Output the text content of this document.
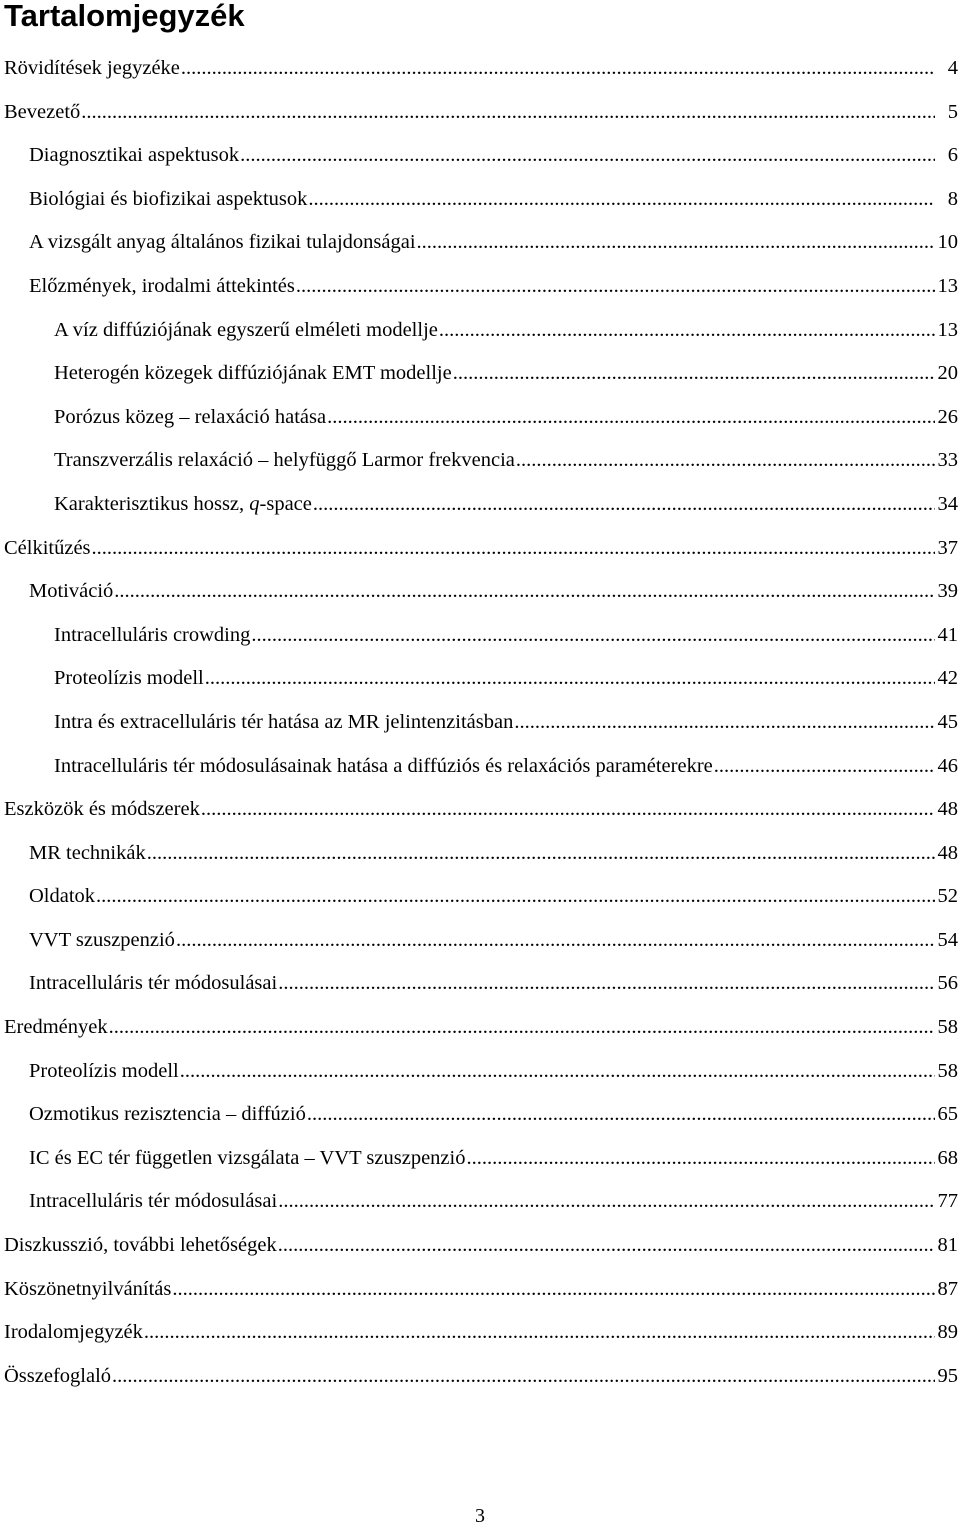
Tartalomjegyzék
Rövidítések jegyzéke .....	4
Bevezető .....	5
Diagnosztikai aspektusok .....	6
Biológiai és biofizikai aspektusok .....	8
A vizsgált anyag általános fizikai tulajdonságai .....	10
Előzmények, irodalmi áttekintés .....	13
A víz diffúziójának egyszerű elméleti modellje .....	13
Heterogén közegek diffúziójának EMT modellje .....	20
Porózus közeg – relaxáció hatása .....	26
Transzverzális relaxáció – helyfüggő Larmor frekvencia .....	33
Karakterisztikus hossz, q-space .....	34
Célkitűzés .....	37
Motiváció .....	39
Intracelluláris crowding .....	41
Proteolízis modell .....	42
Intra és extracelluláris tér hatása az MR jelintenzitásban .....	45
Intracelluláris tér módosulásainak hatása a diffúziós és relaxációs paraméterekre .....	46
Eszközök és módszerek .....	48
MR technikák .....	48
Oldatok .....	52
VVT szuszpenzió .....	54
Intracelluláris tér módosulásai .....	56
Eredmények .....	58
Proteolízis modell .....	58
Ozmotikus rezisztencia – diffúzió .....	65
IC és EC tér független vizsgálata – VVT szuszpenzió .....	68
Intracelluláris tér módosulásai .....	77
Diszkusszió, további lehetőségek .....	81
Köszönetnyilvánítás .....	87
Irodalomjegyzék .....	89
Összefoglaló .....	95
3
